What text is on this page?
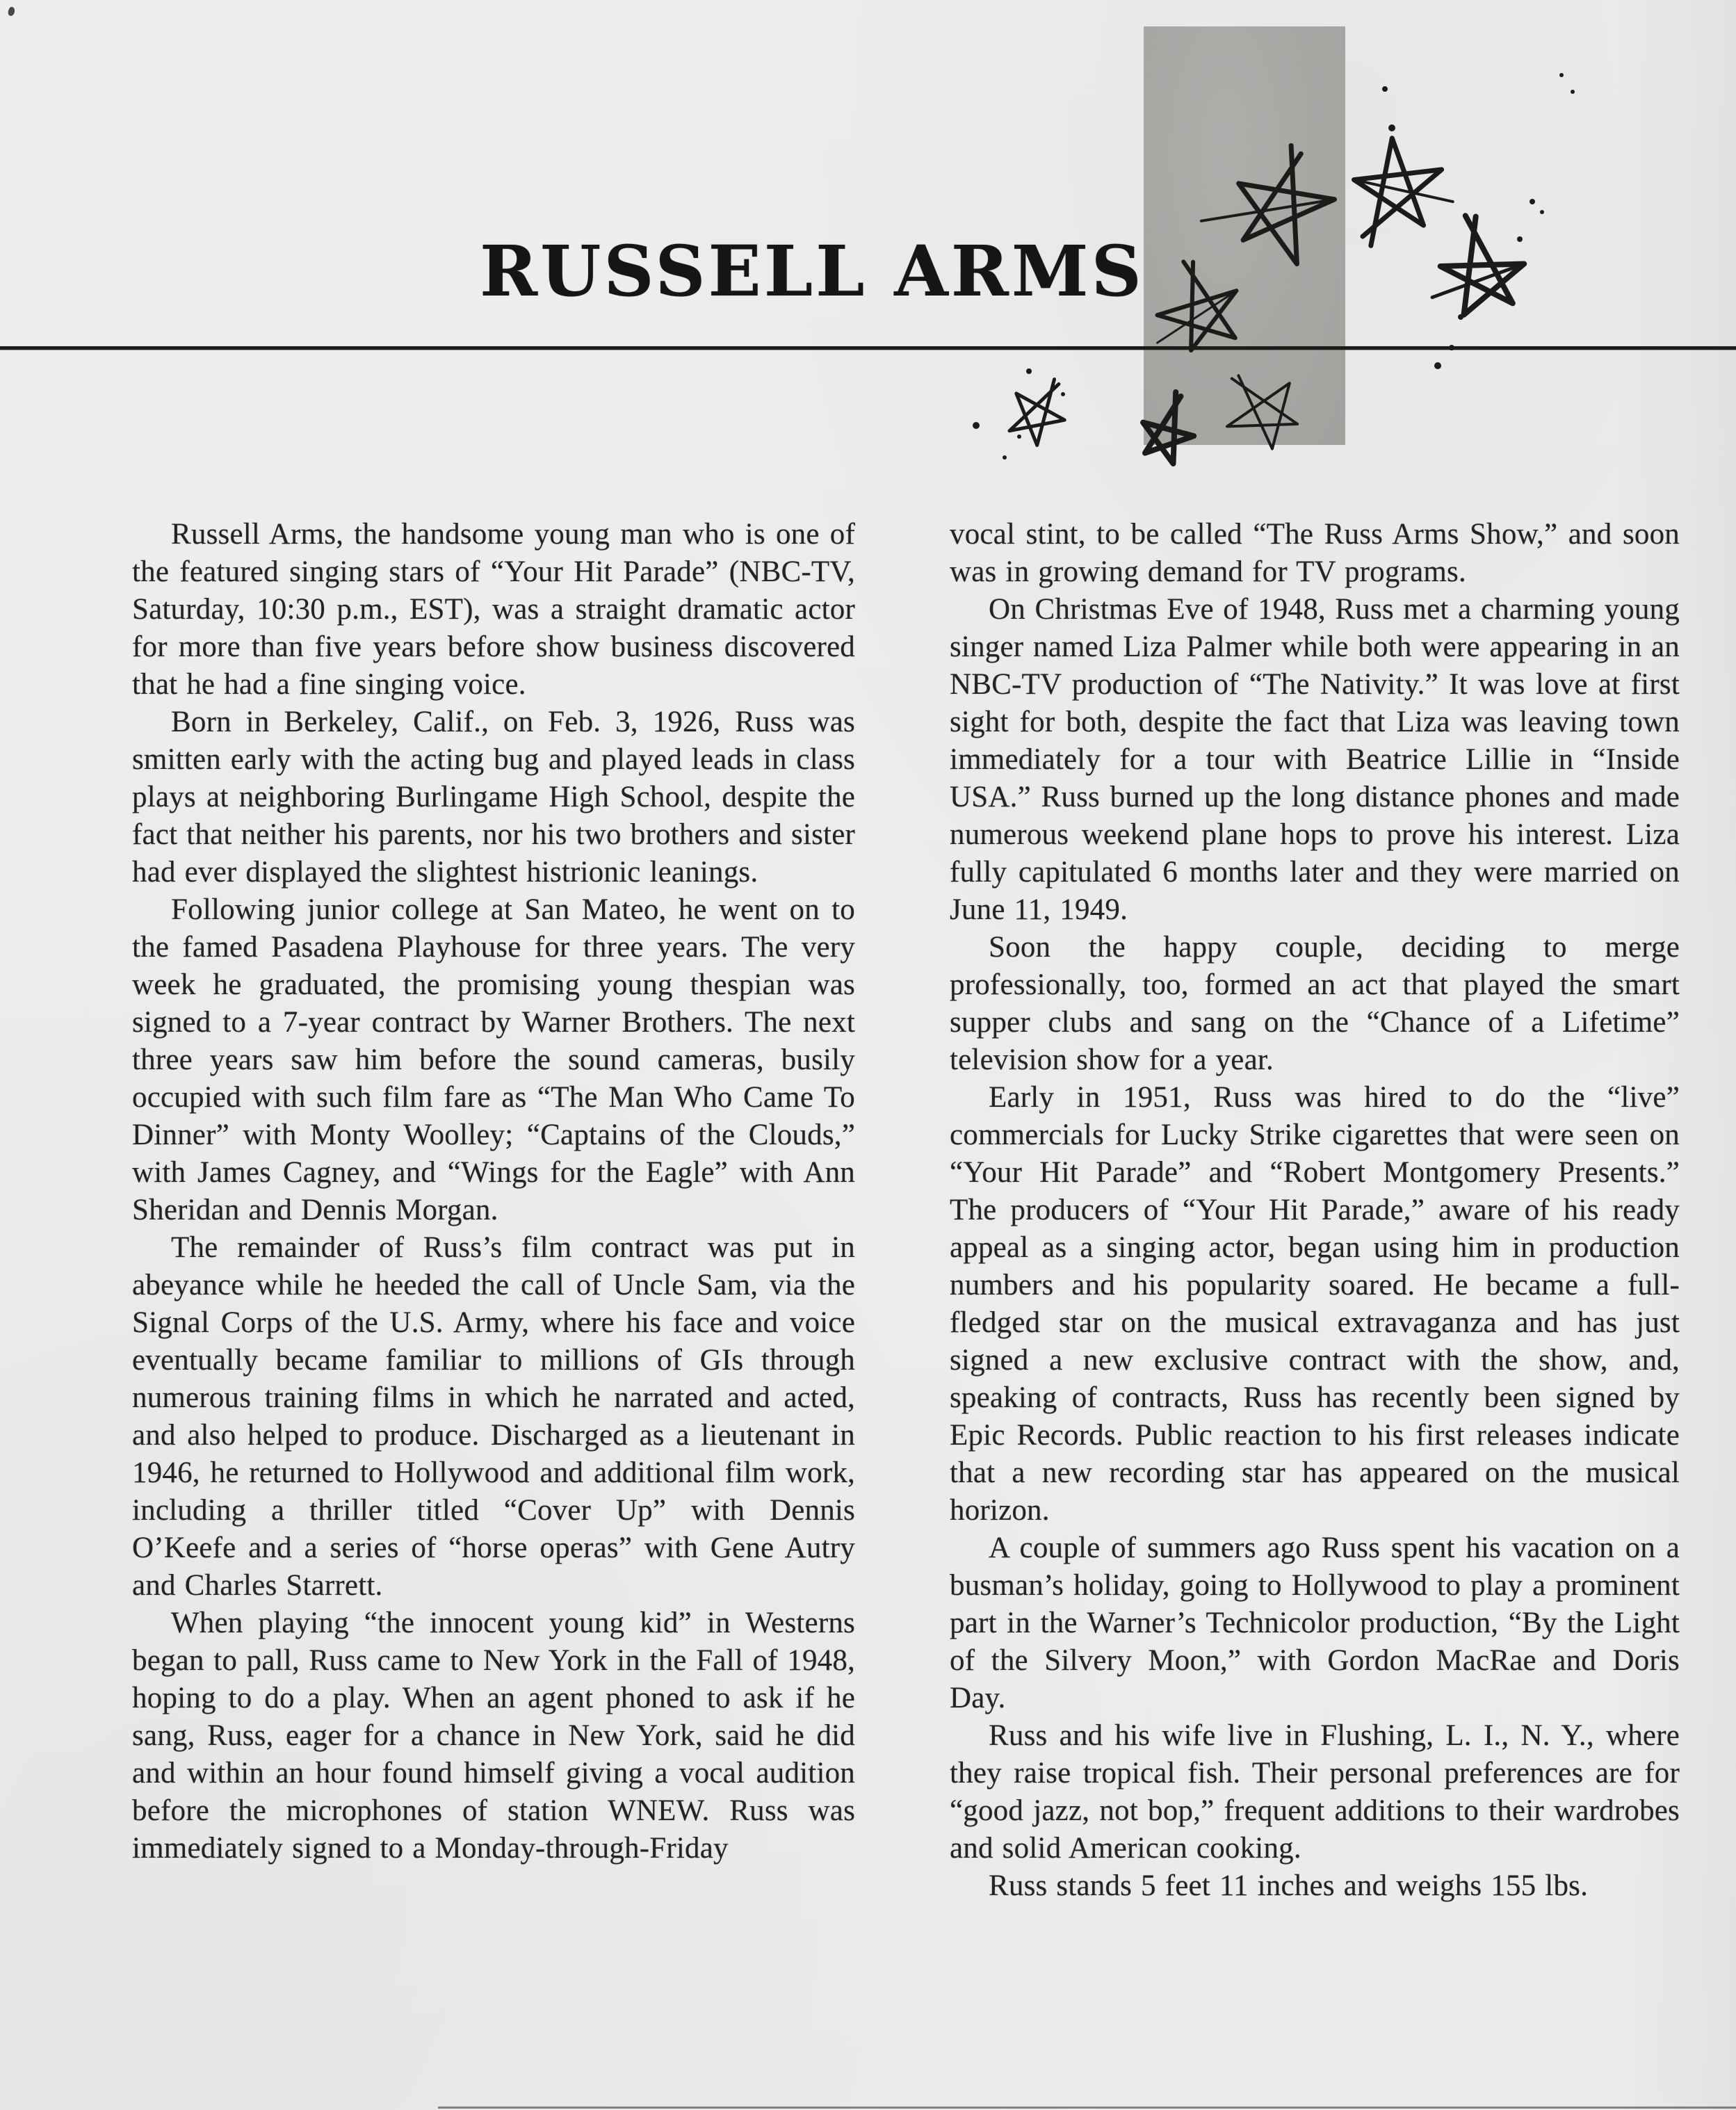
RUSSELL ARMS

Russell Arms, the handsome young man who is one of the featured singing stars of “Your Hit Parade” (NBC-TV, Saturday, 10:30 p.m., EST), was a straight dramatic actor for more than five years before show business discovered that he had a fine singing voice.

Born in Berkeley, Calif., on Feb. 3, 1926, Russ was smitten early with the acting bug and played leads in class plays at neighboring Burlingame High School, despite the fact that neither his parents, nor his two brothers and sister had ever displayed the slightest histrionic leanings.

Following junior college at San Mateo, he went on to the famed Pasadena Playhouse for three years. The very week he graduated, the promising young thespian was signed to a 7-year contract by Warner Brothers. The next three years saw him before the sound cameras, busily occupied with such film fare as “The Man Who Came To Dinner” with Monty Woolley; “Captains of the Clouds,” with James Cagney, and “Wings for the Eagle” with Ann Sheridan and Dennis Morgan.

The remainder of Russ’s film contract was put in abeyance while he heeded the call of Uncle Sam, via the Signal Corps of the U.S. Army, where his face and voice eventually became familiar to millions of GIs through numerous training films in which he narrated and acted, and also helped to produce. Discharged as a lieutenant in 1946, he returned to Hollywood and additional film work, including a thriller titled “Cover Up” with Dennis O’Keefe and a series of “horse operas” with Gene Autry and Charles Starrett.

When playing “the innocent young kid” in Westerns began to pall, Russ came to New York in the Fall of 1948, hoping to do a play. When an agent phoned to ask if he sang, Russ, eager for a chance in New York, said he did and within an hour found himself giving a vocal audition before the microphones of station WNEW. Russ was immediately signed to a Monday-through-Friday

vocal stint, to be called “The Russ Arms Show,” and soon was in growing demand for TV programs.

On Christmas Eve of 1948, Russ met a charming young singer named Liza Palmer while both were appearing in an NBC-TV production of “The Nativity.” It was love at first sight for both, despite the fact that Liza was leaving town immediately for a tour with Beatrice Lillie in “Inside USA.” Russ burned up the long distance phones and made numerous weekend plane hops to prove his interest. Liza fully capitulated 6 months later and they were married on June 11, 1949.

Soon the happy couple, deciding to merge professionally, too, formed an act that played the smart supper clubs and sang on the “Chance of a Lifetime” television show for a year.

Early in 1951, Russ was hired to do the “live” commercials for Lucky Strike cigarettes that were seen on “Your Hit Parade” and “Robert Montgomery Presents.” The producers of “Your Hit Parade,” aware of his ready appeal as a singing actor, began using him in production numbers and his popularity soared. He became a full-fledged star on the musical extravaganza and has just signed a new exclusive contract with the show, and, speaking of contracts, Russ has recently been signed by Epic Records. Public reaction to his first releases indicate that a new recording star has appeared on the musical horizon.

A couple of summers ago Russ spent his vacation on a busman’s holiday, going to Hollywood to play a prominent part in the Warner’s Technicolor production, “By the Light of the Silvery Moon,” with Gordon MacRae and Doris Day.

Russ and his wife live in Flushing, L. I., N. Y., where they raise tropical fish. Their personal preferences are for “good jazz, not bop,” frequent additions to their wardrobes and solid American cooking.

Russ stands 5 feet 11 inches and weighs 155 lbs.
